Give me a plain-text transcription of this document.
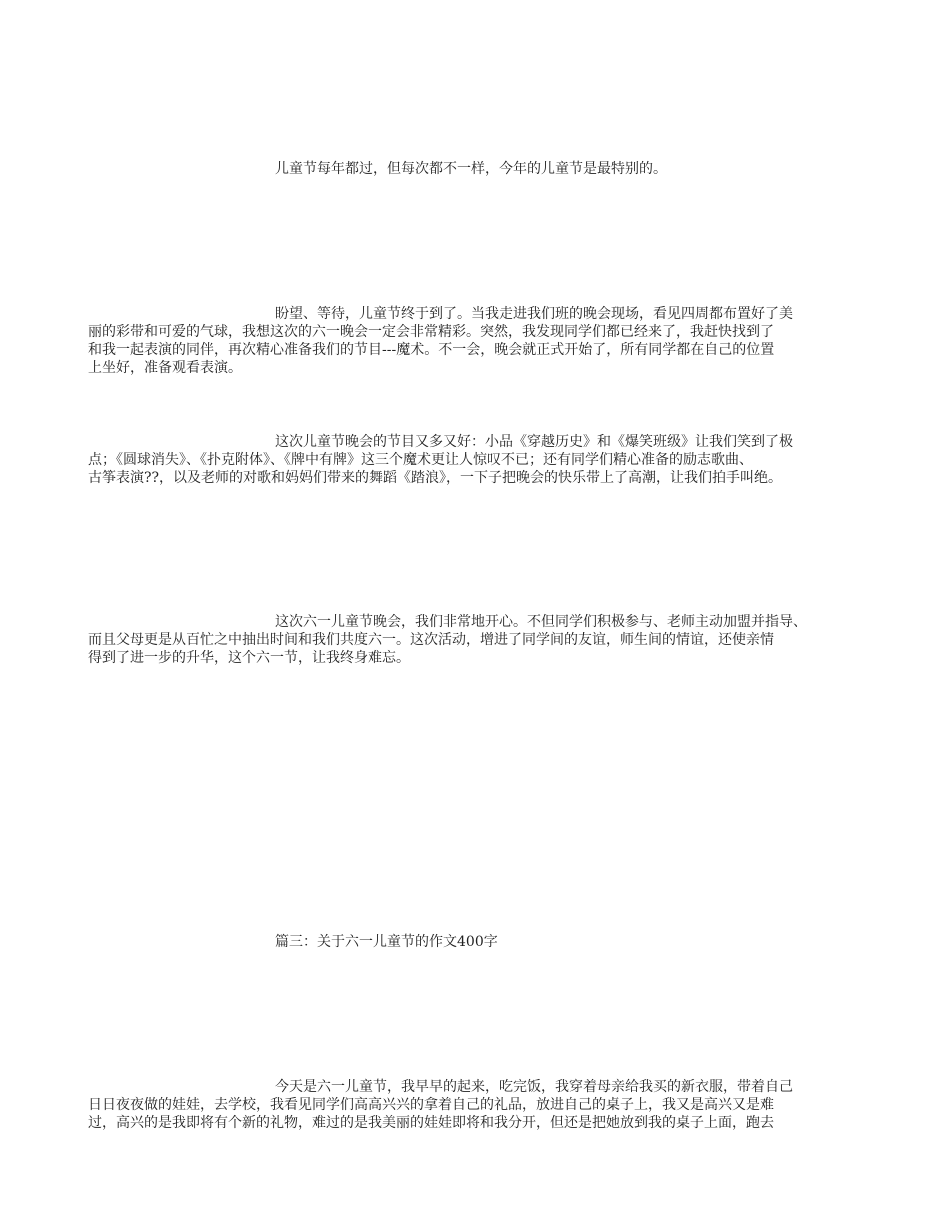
儿童节每年都过，但每次都不一样，今年的儿童节是最特别的。
盼望、等待，儿童节终于到了。当我走进我们班的晚会现场，看见四周都布置好了美
丽的彩带和可爱的气球，我想这次的六一晚会一定会非常精彩。突然，我发现同学们都已经来了，我赶快找到了
和我一起表演的同伴，再次精心准备我们的节目---魔术。不一会，晚会就正式开始了，所有同学都在自己的位置
上坐好，准备观看表演。
这次儿童节晚会的节目又多又好：小品《穿越历史》和《爆笑班级》让我们笑到了极
点；《圆球消失》、《扑克附体》、《牌中有牌》这三个魔术更让人惊叹不已；还有同学们精心准备的励志歌曲、
古筝表演??，以及老师的对歌和妈妈们带来的舞蹈《踏浪》，一下子把晚会的快乐带上了高潮，让我们拍手叫绝。
这次六一儿童节晚会，我们非常地开心。不但同学们积极参与、老师主动加盟并指导、
而且父母更是从百忙之中抽出时间和我们共度六一。这次活动，增进了同学间的友谊，师生间的情谊，还使亲情
得到了进一步的升华，这个六一节，让我终身难忘。
篇三：关于六一儿童节的作文400字
今天是六一儿童节，我早早的起来，吃完饭，我穿着母亲给我买的新衣服，带着自己
日日夜夜做的娃娃，去学校，我看见同学们高高兴兴的拿着自己的礼品，放进自己的桌子上，我又是高兴又是难
过，高兴的是我即将有个新的礼物，难过的是我美丽的娃娃即将和我分开，但还是把她放到我的桌子上面，跑去
